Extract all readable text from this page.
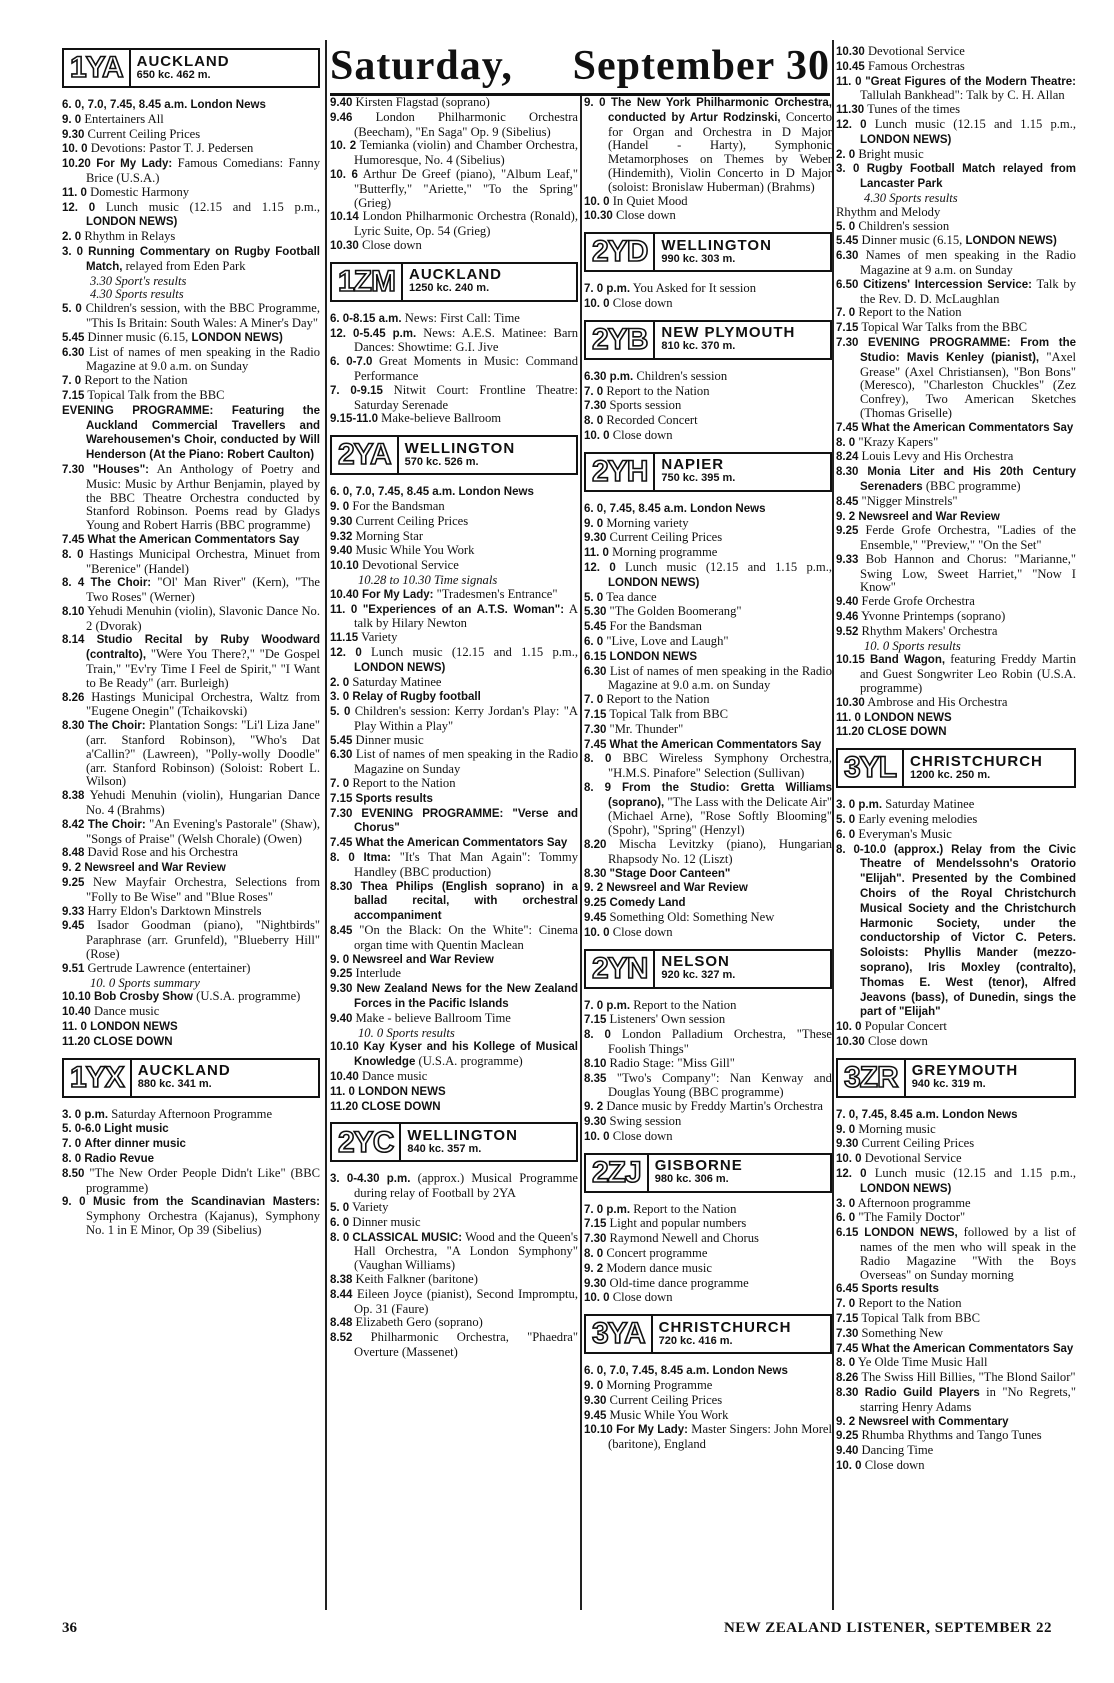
Saturday, September 30
1YA AUCKLAND
650 kc. 462 m.
6. 0, 7.0, 7.45, 8.45 a.m. London News
9. 0 Entertainers All
9.30 Current Ceiling Prices
10. 0 Devotions: Pastor T. J. Pedersen
10.20 For My Lady: Famous Comedians: Fanny Brice (U.S.A.)
11. 0 Domestic Harmony
12. 0 Lunch music (12.15 and 1.15 p.m., LONDON NEWS)
2. 0 Rhythm in Relays
3. 0 Running Commentary on Rugby Football Match, relayed from Eden Park
3.30 Sport's results
4.30 Sports results
5. 0 Children's session, with the BBC Programme, "This Is Britain: South Wales: A Miner's Day"
5.45 Dinner music (6.15, LONDON NEWS)
6.30 List of names of men speaking in the Radio Magazine at 9.0 a.m. on Sunday
7. 0 Report to the Nation
7.15 Topical Talk from the BBC
EVENING PROGRAMME: Featuring the Auckland Commercial Travellers and Warehousemen's Choir, conducted by Will Henderson (At the Piano: Robert Caulton)
7.30 "Houses": An Anthology of Poetry and Music: Music by Arthur Benjamin, played by the BBC Theatre Orchestra conducted by Stanford Robinson. Poems read by Gladys Young and Robert Harris (BBC programme)
7.45 What the American Commentators Say
8. 0 Hastings Municipal Orchestra, Minuet from "Berenice" (Handel)
8. 4 The Choir: "Ol' Man River" (Kern), "The Two Roses" (Werner)
8.10 Yehudi Menuhin (violin), Slavonic Dance No. 2 (Dvorak)
8.14 Studio Recital by Ruby Woodward (contralto), "Were You There?," "De Gospel Train," "Ev'ry Time I Feel de Spirit," "I Want to Be Ready" (arr. Burleigh)
8.26 Hastings Municipal Orchestra, Waltz from "Eugene Onegin" (Tchaikovski)
8.30 The Choir: Plantation Songs: "Li'l Liza Jane" (arr. Stanford Robinson), "Who's Dat a'Callin?" (Lawreen), "Polly-wolly Doodle" (arr. Stanford Robinson) (Soloist: Robert L. Wilson)
8.38 Yehudi Menuhin (violin), Hungarian Dance No. 4 (Brahms)
8.42 The Choir: "An Evening's Pastorale" (Shaw), "Songs of Praise" (Welsh Chorale) (Owen)
8.48 David Rose and his Orchestra
9. 2 Newsreel and War Review
9.25 New Mayfair Orchestra, Selections from "Folly to Be Wise" and "Blue Roses"
9.33 Harry Eldon's Darktown Minstrels
9.45 Isador Goodman (piano), "Nightbirds" Paraphrase (arr. Grunfeld), "Blueberry Hill" (Rose)
9.51 Gertrude Lawrence (entertainer)
10. 0 Sports summary
10.10 Bob Crosby Show (U.S.A. programme)
10.40 Dance music
11. 0 LONDON NEWS
11.20 CLOSE DOWN
1YX AUCKLAND
880 kc. 341 m.
3. 0 p.m. Saturday Afternoon Programme
5. 0-6.0 Light music
7. 0 After dinner music
8. 0 Radio Revue
8.50 "The New Order People Didn't Like" (BBC programme)
9. 0 Music from the Scandinavian Masters: Symphony Orchestra (Kajanus), Symphony No. 1 in E Minor, Op 39 (Sibelius)
9.40 Kirsten Flagstad (soprano)
9.46 London Philharmonic Orchestra (Beecham), "En Saga" Op. 9 (Sibelius)
10. 2 Temianka (violin) and Chamber Orchestra, Humoresque, No. 4 (Sibelius)
10. 6 Arthur De Greef (piano), "Album Leaf," "Butterfly," "Ariette," "To the Spring" (Grieg)
10.14 London Philharmonic Orchestra (Ronald), Lyric Suite, Op. 54 (Grieg)
10.30 Close down
1ZM AUCKLAND
1250 kc. 240 m.
6. 0-8.15 a.m. News: First Call: Time
12. 0-5.45 p.m. News: A.E.S. Matinee: Barn Dances: Showtime: G.I. Jive
6. 0-7.0 Great Moments in Music: Command Performance
7. 0-9.15 Nitwit Court: Frontline Theatre: Saturday Serenade
9.15-11.0 Make-believe Ballroom
2YA WELLINGTON
570 kc. 526 m.
6. 0, 7.0, 7.45, 8.45 a.m. London News
9. 0 For the Bandsman
9.30 Current Ceiling Prices
9.32 Morning Star
9.40 Music While You Work
10.10 Devotional Service
10.28 to 10.30 Time signals
10.40 For My Lady: "Tradesmen's Entrance"
11. 0 "Experiences of an A.T.S. Woman": A talk by Hilary Newton
11.15 Variety
12. 0 Lunch music (12.15 and 1.15 p.m., LONDON NEWS)
2. 0 Saturday Matinee
3. 0 Relay of Rugby football
5. 0 Children's session: Kerry Jordan's Play: "A Play Within a Play"
5.45 Dinner music
6.30 List of names of men speaking in the Radio Magazine on Sunday
7. 0 Report to the Nation
7.15 Sports results
7.30 EVENING PROGRAMME: "Verse and Chorus"
7.45 What the American Commentators Say
8. 0 Itma: "It's That Man Again": Tommy Handley (BBC production)
8.30 Thea Philips (English soprano) in a ballad recital, with orchestral accompaniment
8.45 "On the Black: On the White": Cinema organ time with Quentin Maclean
9. 0 Newsreel and War Review
9.25 Interlude
9.30 New Zealand News for the New Zealand Forces in the Pacific Islands
9.40 Make - believe Ballroom Time
10. 0 Sports results
10.10 Kay Kyser and his Kollege of Musical Knowledge (U.S.A. programme)
10.40 Dance music
11. 0 LONDON NEWS
11.20 CLOSE DOWN
2YC WELLINGTON
840 kc. 357 m.
3. 0-4.30 p.m. (approx.) Musical Programme during relay of Football by 2YA
5. 0 Variety
6. 0 Dinner music
8. 0 CLASSICAL MUSIC: Wood and the Queen's Hall Orchestra, "A London Symphony" (Vaughan Williams)
8.38 Keith Falkner (baritone)
8.44 Eileen Joyce (pianist), Second Impromptu, Op. 31 (Faure)
8.48 Elizabeth Gero (soprano)
8.52 Philharmonic Orchestra, "Phaedra" Overture (Massenet)
9. 0 The New York Philharmonic Orchestra, conducted by Artur Rodzinski, Concerto for Organ and Orchestra in D Major (Handel - Harty), Symphonic Metamorphoses on Themes by Weber (Hindemith), Violin Concerto in D Major (soloist: Bronislaw Huberman) (Brahms)
10. 0 In Quiet Mood
10.30 Close down
2YD WELLINGTON
990 kc. 303 m.
7. 0 p.m. You Asked for It session
10. 0 Close down
2YB NEW PLYMOUTH
810 kc. 370 m.
6.30 p.m. Children's session
7. 0 Report to the Nation
7.30 Sports session
8. 0 Recorded Concert
10. 0 Close down
2YH NAPIER
750 kc. 395 m.
6. 0, 7.45, 8.45 a.m. London News
9. 0 Morning variety
9.30 Current Ceiling Prices
11. 0 Morning programme
12. 0 Lunch music (12.15 and 1.15 p.m., LONDON NEWS)
5. 0 Tea dance
5.30 "The Golden Boomerang"
5.45 For the Bandsman
6. 0 "Live, Love and Laugh"
6.15 LONDON NEWS
6.30 List of names of men speaking in the Radio Magazine at 9.0 a.m. on Sunday
7. 0 Report to the Nation
7.15 Topical Talk from BBC
7.30 "Mr. Thunder"
7.45 What the American Commentators Say
8. 0 BBC Wireless Symphony Orchestra, "H.M.S. Pinafore" Selection (Sullivan)
8. 9 From the Studio: Gretta Williams (soprano), "The Lass with the Delicate Air" (Michael Arne), "Rose Softly Blooming" (Spohr), "Spring" (Henzyl)
8.20 Mischa Levitzky (piano), Hungarian Rhapsody No. 12 (Liszt)
8.30 "Stage Door Canteen"
9. 2 Newsreel and War Review
9.25 Comedy Land
9.45 Something Old: Something New
10. 0 Close down
2YN NELSON
920 kc. 327 m.
7. 0 p.m. Report to the Nation
7.15 Listeners' Own session
8. 0 London Palladium Orchestra, "These Foolish Things"
8.10 Radio Stage: "Miss Gill"
8.35 "Two's Company": Nan Kenway and Douglas Young (BBC programme)
9. 2 Dance music by Freddy Martin's Orchestra
9.30 Swing session
10. 0 Close down
2ZJ GISBORNE
980 kc. 306 m.
7. 0 p.m. Report to the Nation
7.15 Light and popular numbers
7.30 Raymond Newell and Chorus
8. 0 Concert programme
9. 2 Modern dance music
9.30 Old-time dance programme
10. 0 Close down
3YA CHRISTCHURCH
720 kc. 416 m.
6. 0, 7.0, 7.45, 8.45 a.m. London News
9. 0 Morning Programme
9.30 Current Ceiling Prices
9.45 Music While You Work
10.10 For My Lady: Master Singers: John Morel (baritone), England
10.30 Devotional Service
10.45 Famous Orchestras
11. 0 "Great Figures of the Modern Theatre: Tallulah Bankhead": Talk by C. H. Allan
11.30 Tunes of the times
12. 0 Lunch music (12.15 and 1.15 p.m., LONDON NEWS)
2. 0 Bright music
3. 0 Rugby Football Match relayed from Lancaster Park
4.30 Sports results
Rhythm and Melody
5. 0 Children's session
5.45 Dinner music (6.15, LONDON NEWS)
6.30 Names of men speaking in the Radio Magazine at 9 a.m. on Sunday
6.50 Citizens' Intercession Service: Talk by the Rev. D. D. McLaughlan
7. 0 Report to the Nation
7.15 Topical War Talks from the BBC
7.30 EVENING PROGRAMME: From the Studio: Mavis Kenley (pianist), "Axel Grease" (Axel Christiansen), "Bon Bons" (Meresco), "Charleston Chuckles" (Zez Confrey), Two American Sketches (Thomas Griselle)
7.45 What the American Commentators Say
8. 0 "Krazy Kapers"
8.24 Louis Levy and His Orchestra
8.30 Monia Liter and His 20th Century Serenaders (BBC programme)
8.45 "Nigger Minstrels"
9. 2 Newsreel and War Review
9.25 Ferde Grofe Orchestra, "Ladies of the Ensemble," "Preview," "On the Set"
9.33 Bob Hannon and Chorus: "Marianne," Swing Low, Sweet Harriet," "Now I Know"
9.40 Ferde Grofe Orchestra
9.46 Yvonne Printemps (soprano)
9.52 Rhythm Makers' Orchestra
10. 0 Sports results
10.15 Band Wagon, featuring Freddy Martin and Guest Songwriter Leo Robin (U.S.A. programme)
10.30 Ambrose and His Orchestra
11. 0 LONDON NEWS
11.20 CLOSE DOWN
3YL CHRISTCHURCH
1200 kc. 250 m.
3. 0 p.m. Saturday Matinee
5. 0 Early evening melodies
6. 0 Everyman's Music
8. 0-10.0 (approx.) Relay from the Civic Theatre of Mendelssohn's Oratorio "Elijah". Presented by the Combined Choirs of the Royal Christchurch Musical Society and the Christchurch Harmonic Society, under the conductorship of Victor C. Peters. Soloists: Phyllis Mander (mezzo-soprano), Iris Moxley (contralto), Thomas E. West (tenor), Alfred Jeavons (bass), of Dunedin, sings the part of "Elijah"
10. 0 Popular Concert
10.30 Close down
3ZR GREYMOUTH
940 kc. 319 m.
7. 0, 7.45, 8.45 a.m. London News
9. 0 Morning music
9.30 Current Ceiling Prices
10. 0 Devotional Service
12. 0 Lunch music (12.15 and 1.15 p.m., LONDON NEWS)
3. 0 Afternoon programme
6. 0 "The Family Doctor"
6.15 LONDON NEWS, followed by a list of names of the men who will speak in the Radio Magazine "With the Boys Overseas" on Sunday morning
6.45 Sports results
7. 0 Report to the Nation
7.15 Topical Talk from BBC
7.30 Something New
7.45 What the American Commentators Say
8. 0 Ye Olde Time Music Hall
8.26 The Swiss Hill Billies, "The Blond Sailor"
8.30 Radio Guild Players in "No Regrets," starring Henry Adams
9. 2 Newsreel with Commentary
9.25 Rhumba Rhythms and Tango Tunes
9.40 Dancing Time
10. 0 Close down
36	NEW ZEALAND LISTENER, SEPTEMBER 22
